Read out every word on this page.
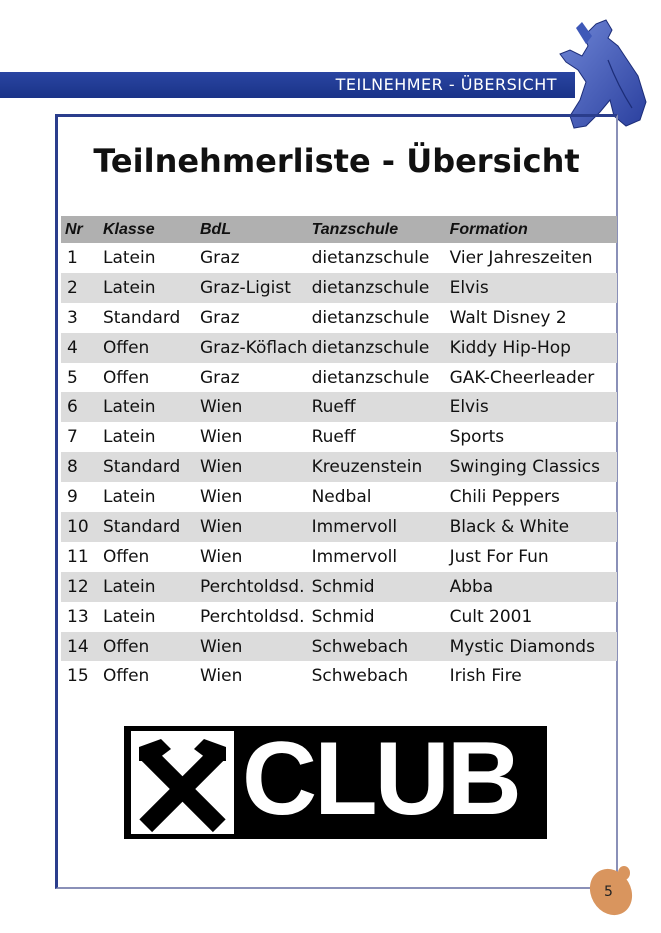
TEILNEHMER - ÜBERSICHT
Teilnehmerliste - Übersicht
Nr	Klasse	BdL	Tanzschule	Formation
1	Latein	Graz	dietanzschule	Vier Jahreszeiten
2	Latein	Graz-Ligist	dietanzschule	Elvis
3	Standard	Graz	dietanzschule	Walt Disney 2
4	Offen	Graz-Köflach	dietanzschule	Kiddy Hip-Hop
5	Offen	Graz	dietanzschule	GAK-Cheerleader
6	Latein	Wien	Rueff	Elvis
7	Latein	Wien	Rueff	Sports
8	Standard	Wien	Kreuzenstein	Swinging Classics
9	Latein	Wien	Nedbal	Chili Peppers
10	Standard	Wien	Immervoll	Black & White
11	Offen	Wien	Immervoll	Just For Fun
12	Latein	Perchtoldsd.	Schmid	Abba
13	Latein	Perchtoldsd.	Schmid	Cult 2001
14	Offen	Wien	Schwebach	Mystic Diamonds
15	Offen	Wien	Schwebach	Irish Fire
CLUB
5
